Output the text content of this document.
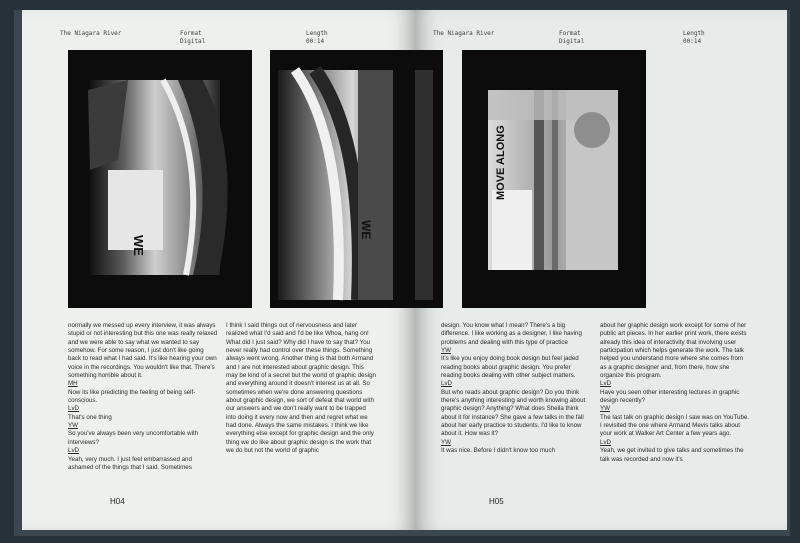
The Niagara River	Format
Digital
Length
00:14
WE
WE

normally we messed up every interview, it was always stupid or not interesting but this one was really relaxed and we were able to say what we wanted to say somehow. For some reason, I just don't like going back to read what I had said. It's like hearing your own voice in the recordings. You wouldn't like that. There's something horrible about it.

MH

Now its like predicting the feeling of being self-conscious.

LvD

That's one thing

YW

So you've always been very uncomfortable with interviews?

LvD

Yeah, very much. I just feel embarrassed and ashamed of the things that I said. Sometimes

I think I said things out of nervousness and later realized what I'd said and I'd be like Whoa, hang on! What did I just said? Why did I have to say that? You never really had control over these things. Something always went wrong. Another thing is that both Armand and I are not interested about graphic design. This may be kind of a secret but the world of graphic design and everything around it doesn't interest us at all. So sometimes when we're done answering questions about graphic design, we sort of defeat that world with our answers and we don't really want to be trapped into doing it every now and then and regret what we had done. Always the same mistakes. I think we like everything else except for graphic design and the only thing we do like about graphic design is the work that we do but not the world of graphic

H04
The Niagara River	Format
Digital
Length
00:14
MOVE ALONG

design. You know what I mean? There's a big difference. I like working as a designer, I like having problems and dealing with this type of practice

YW

It's like you enjoy doing book design but feel jaded reading books about graphic design. You prefer reading books dealing with other subject matters.

LvD

But who reads about graphic design? Do you think there's anything interesting and worth knowing about graphic design? Anything? What does Sheila think about it for instance? She gave a few talks in the fall about her early practice to students. I'd like to know about it. How was it?

YW

It was nice. Before I didn't know too much

about her graphic design work except for some of her public art pieces. In her earlier print work, there exists already this idea of interactivity that involving user participation which helps generate the work. The talk helped you understand more where she comes from as a graphic designer and, from there, how she organize this program.

LvD

Have you seen other interesting lectures in graphic design recently?

YW

The last talk on graphic design I saw was on YouTube. I revisited the one where Armand Mevis talks about your work at Walker Art Center a few years ago.

LvD

Yeah, we get invited to give talks and sometimes the talk was recorded and now it's

H05
